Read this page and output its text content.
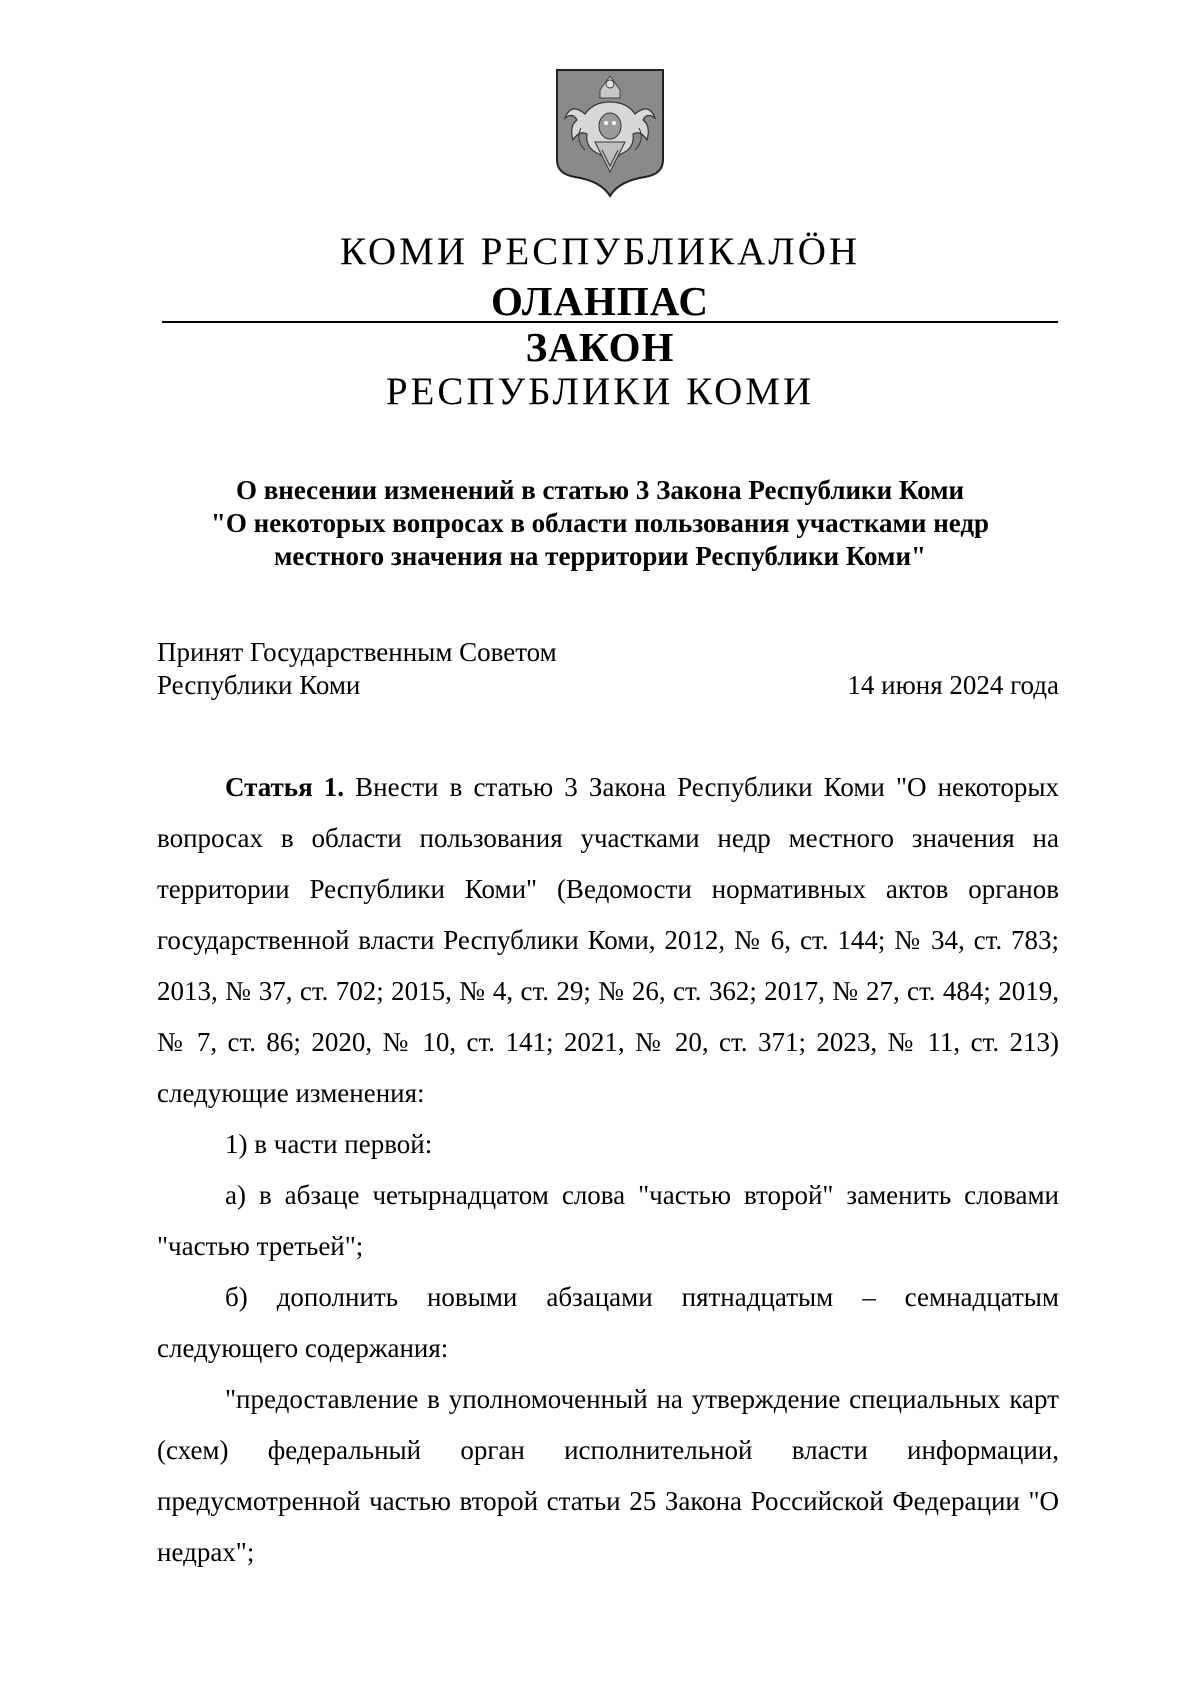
КОМИ РЕСПУБЛИКАЛÖН
ОЛАНПАС
ЗАКОН
РЕСПУБЛИКИ КОМИ
О внесении изменений в статью 3 Закона Республики Коми
"О некоторых вопросах в области пользования участками недр
местного значения на территории Республики Коми"
Принят Государственным Советом
Республики Коми	14 июня 2024 года

Статья 1. Внести в статью 3 Закона Республики Коми "О некоторых вопросах в области пользования участками недр местного значения на территории Республики Коми" (Ведомости нормативных актов органов государственной власти Республики Коми, 2012, № 6, ст. 144; № 34, ст. 783; 2013, № 37, ст. 702; 2015, № 4, ст. 29; № 26, ст. 362; 2017, № 27, ст. 484; 2019, № 7, ст. 86; 2020, № 10, ст. 141; 2021, № 20, ст. 371; 2023, № 11, ст. 213) следующие изменения:

1) в части первой:

а) в абзаце четырнадцатом слова "частью второй" заменить словами "частью третьей";

б) дополнить новыми абзацами пятнадцатым – семнадцатым следующего содержания:

"предоставление в уполномоченный на утверждение специальных карт (схем) федеральный орган исполнительной власти информации, предусмотренной частью второй статьи 25 Закона Российской Федерации "О недрах";
